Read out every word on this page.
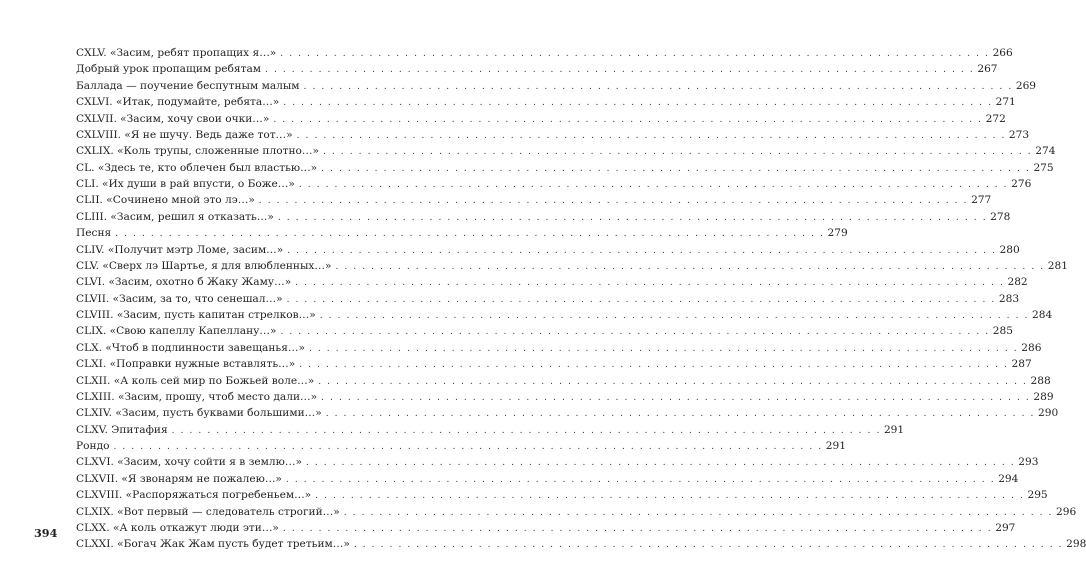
CXLV. «Засим, ребят пропащих я…» . . .	266
Добрый урок пропащим ребятам . . .	267
Баллада — поучение беспутным малым . . .	269
CXLVI. «Итак, подумайте, ребята…» . . .	271
CXLVII. «Засим, хочу свои очки…» . . .	272
CXLVIII. «Я не шучу. Ведь даже тот…» . . .	273
CXLIX. «Коль трупы, сложенные плотно…» . . .	274
CL. «Здесь те, кто облечен был властью…» . . .	275
CLI. «Их души в рай впусти, о Боже…» . . .	276
CLII. «Сочинено мной это лэ…» . . .	277
CLIII. «Засим, решил я отказать…» . . .	278
Песня . . .	279
CLIV. «Получит мэтр Ломе, засим…» . . .	280
CLV. «Сверх лэ Шартье, я для влюбленных…» . . .	281
CLVI. «Засим, охотно б Жаку Жаму…» . . .	282
CLVII. «Засим, за то, что сенешал…» . . .	283
CLVIII. «Засим, пусть капитан стрелков…» . . .	284
CLIX. «Свою капеллу Капеллану…» . . .	285
CLX. «Чтоб в подлинности завещанья…» . . .	286
CLXI. «Поправки нужные вставлять…» . . .	287
CLXII. «А коль сей мир по Божьей воле…» . . .	288
CLXIII. «Засим, прошу, чтоб место дали…» . . .	289
CLXIV. «Засим, пусть буквами большими…» . . .	290
CLXV. Эпитафия . . .	291
Рондо . . .	291
CLXVI. «Засим, хочу сойти я в землю…» . . .	293
CLXVII. «Я звонарям не пожалею…» . . .	294
CLXVIII. «Распоряжаться погребеньем…» . . .	295
CLXIX. «Вот первый — следователь строгий…» . . .	296
CLXX. «А коль откажут люди эти…» . . .	297
CLXXI. «Богач Жак Жам пусть будет третьим…» . . .	298
394
